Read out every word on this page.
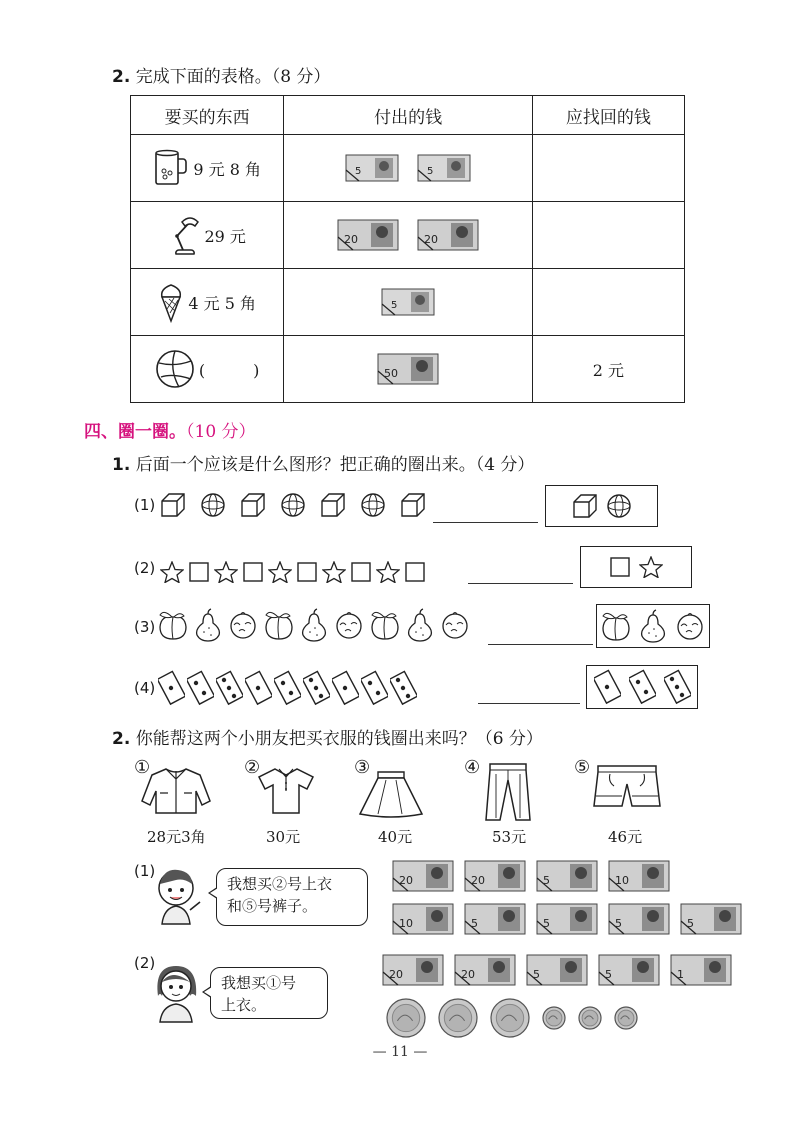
2. 完成下面的表格。（8 分）
要买的东西	付出的钱	应找回的钱

9 元 8 角	5 5	

29 元	20 20	

4 元 5 角	5	

(　　　)	50	2 元
四、圈一圈。（10 分）
1. 后面一个应该是什么图形？把正确的圈出来。（4 分）
(1)
(2)
(3)
(4)
2. 你能帮这两个小朋友把买衣服的钱圈出来吗？（6 分）
①
28元3角
②
30元
③
40元
④
53元
⑤
46元
(1)
我想买②号上衣
和⑤号裤子。
20	20	5	10
10	5	5	5	5
(2)
我想买①号
上衣。
20	20	5	5	1
— 11 —
